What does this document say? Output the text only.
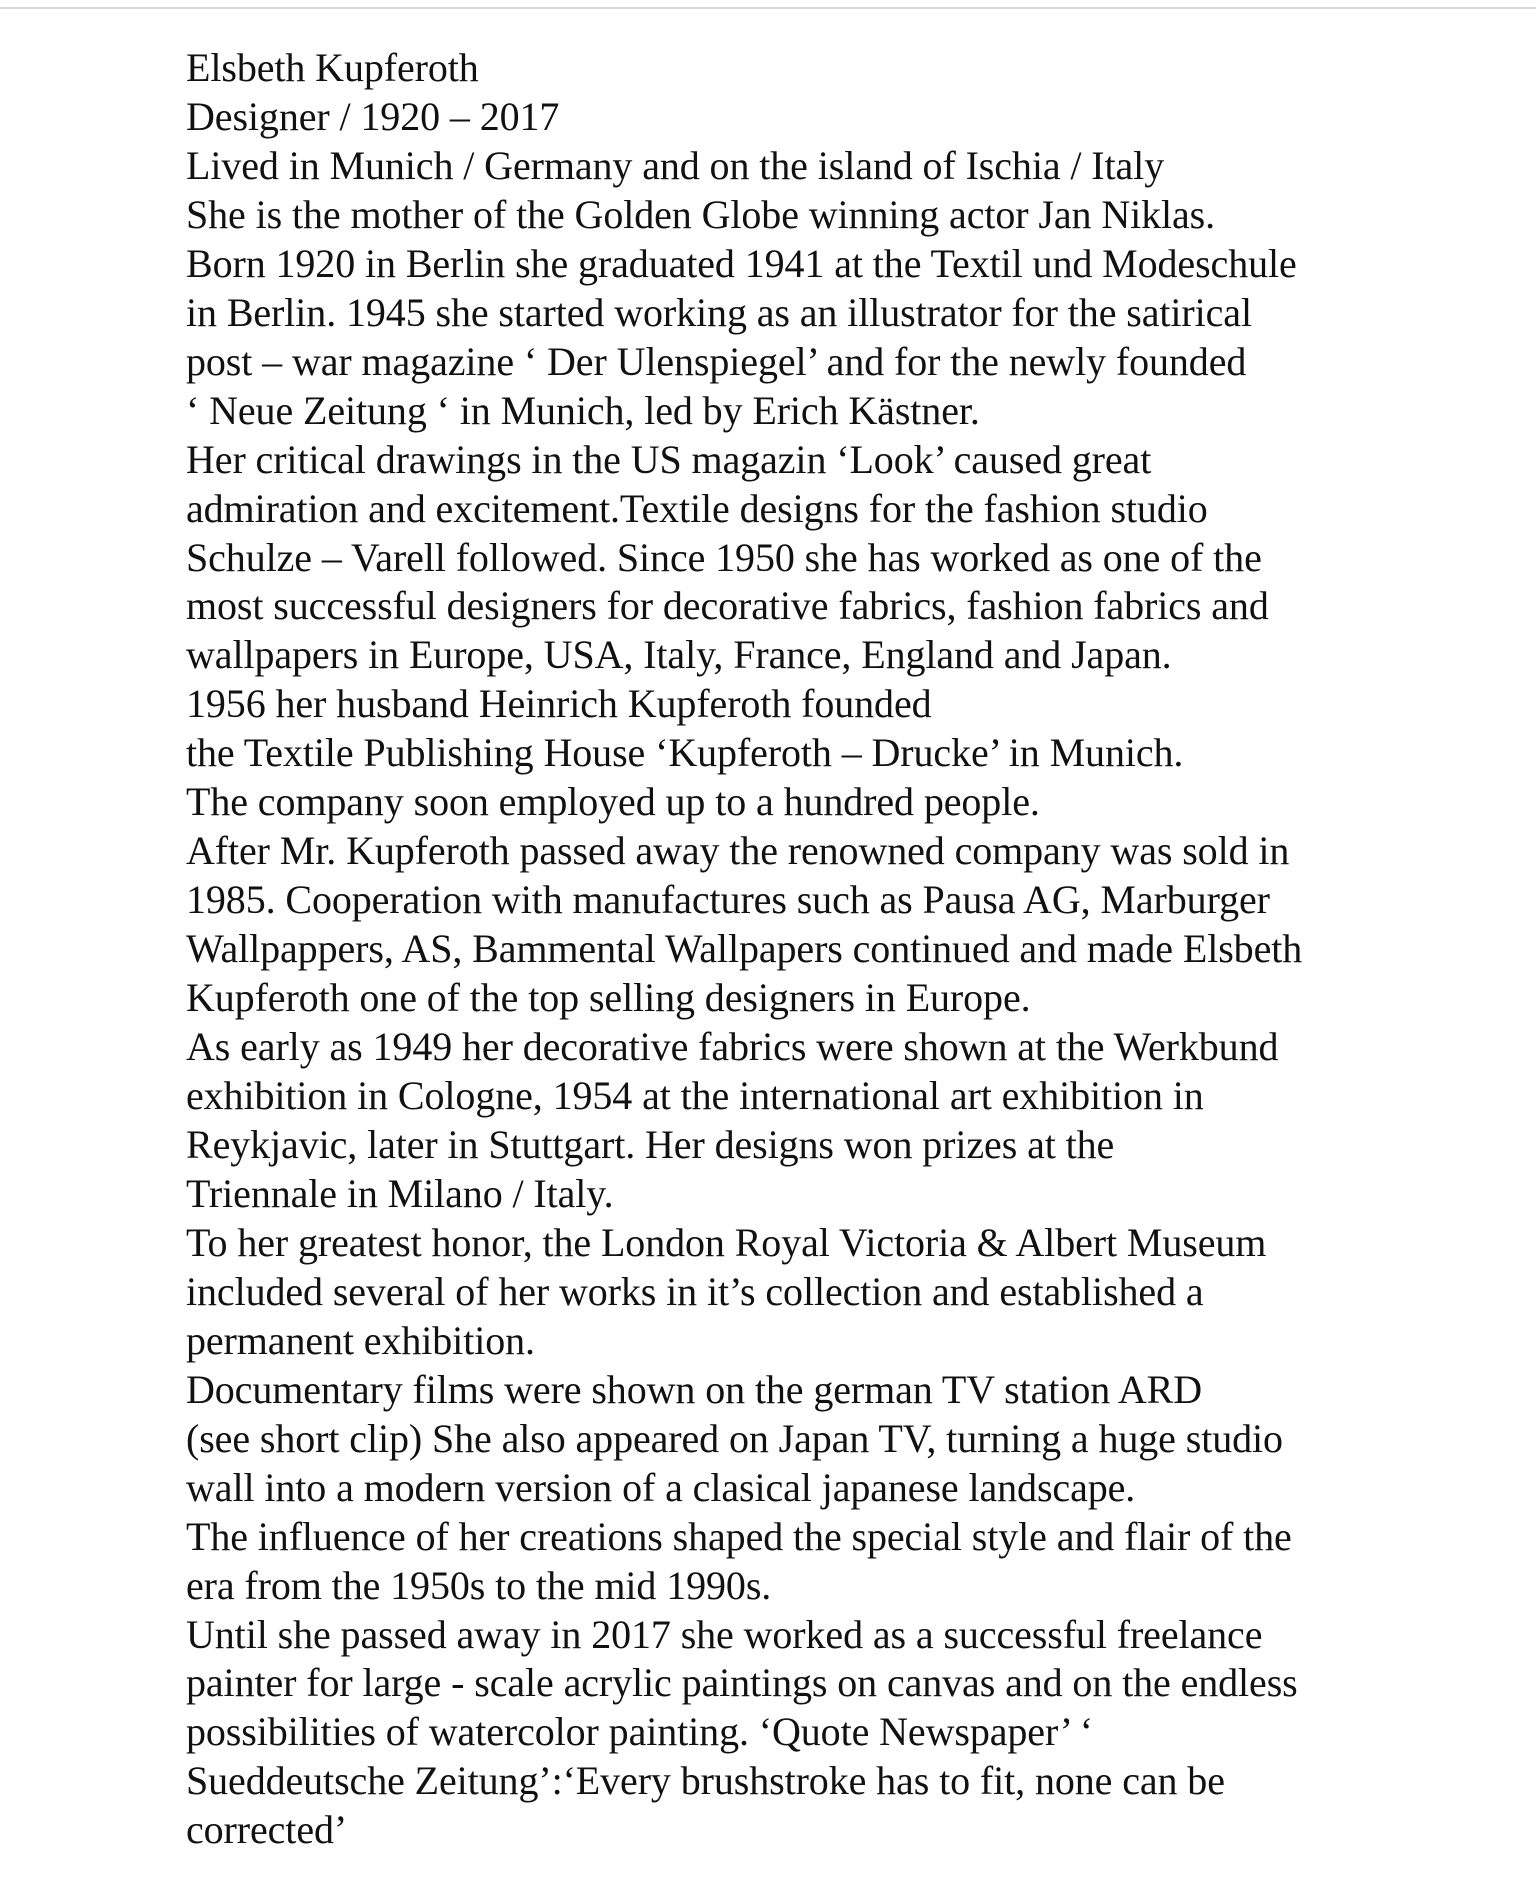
Elsbeth Kupferoth
Designer / 1920 – 2017
Lived in Munich / Germany and on the island of Ischia / Italy
She is the mother of the Golden Globe winning actor Jan Niklas.
Born 1920 in Berlin she graduated 1941 at the Textil und Modeschule
in Berlin. 1945 she started working as an illustrator for the satirical
post – war magazine ‘ Der Ulenspiegel’ and for the newly founded
‘ Neue Zeitung ‘ in Munich, led by Erich Kästner.
Her critical drawings in the US magazin ‘Look’ caused great
admiration and excitement.Textile designs for the fashion studio
Schulze – Varell followed. Since 1950 she has worked as one of the
most successful designers for decorative fabrics, fashion fabrics and
wallpapers in Europe, USA, Italy, France, England and Japan.
1956 her husband Heinrich Kupferoth founded
the Textile Publishing House ‘Kupferoth – Drucke’ in Munich.
The company soon employed up to a hundred people.
After Mr. Kupferoth passed away the renowned company was sold in
1985. Cooperation with manufactures such as Pausa AG, Marburger
Wallpappers, AS, Bammental Wallpapers continued and made Elsbeth
Kupferoth one of the top selling designers in Europe.
As early as 1949 her decorative fabrics were shown at the Werkbund
exhibition in Cologne, 1954 at the international art exhibition in
Reykjavic, later in Stuttgart. Her designs won prizes at the
Triennale in Milano / Italy.
To her greatest honor, the London Royal Victoria & Albert Museum
included several of her works in it’s collection and established a
permanent exhibition.
Documentary films were shown on the german TV station ARD
(see short clip) She also appeared on Japan TV, turning a huge studio
wall into a modern version of a clasical japanese landscape.
The influence of her creations shaped the special style and flair of the
era from the 1950s to the mid 1990s.
Until she passed away in 2017 she worked as a successful freelance
painter for large - scale acrylic paintings on canvas and on the endless
possibilities of watercolor painting. ‘Quote Newspaper’ ‘
Sueddeutsche Zeitung’:‘Every brushstroke has to fit, none can be
corrected’
